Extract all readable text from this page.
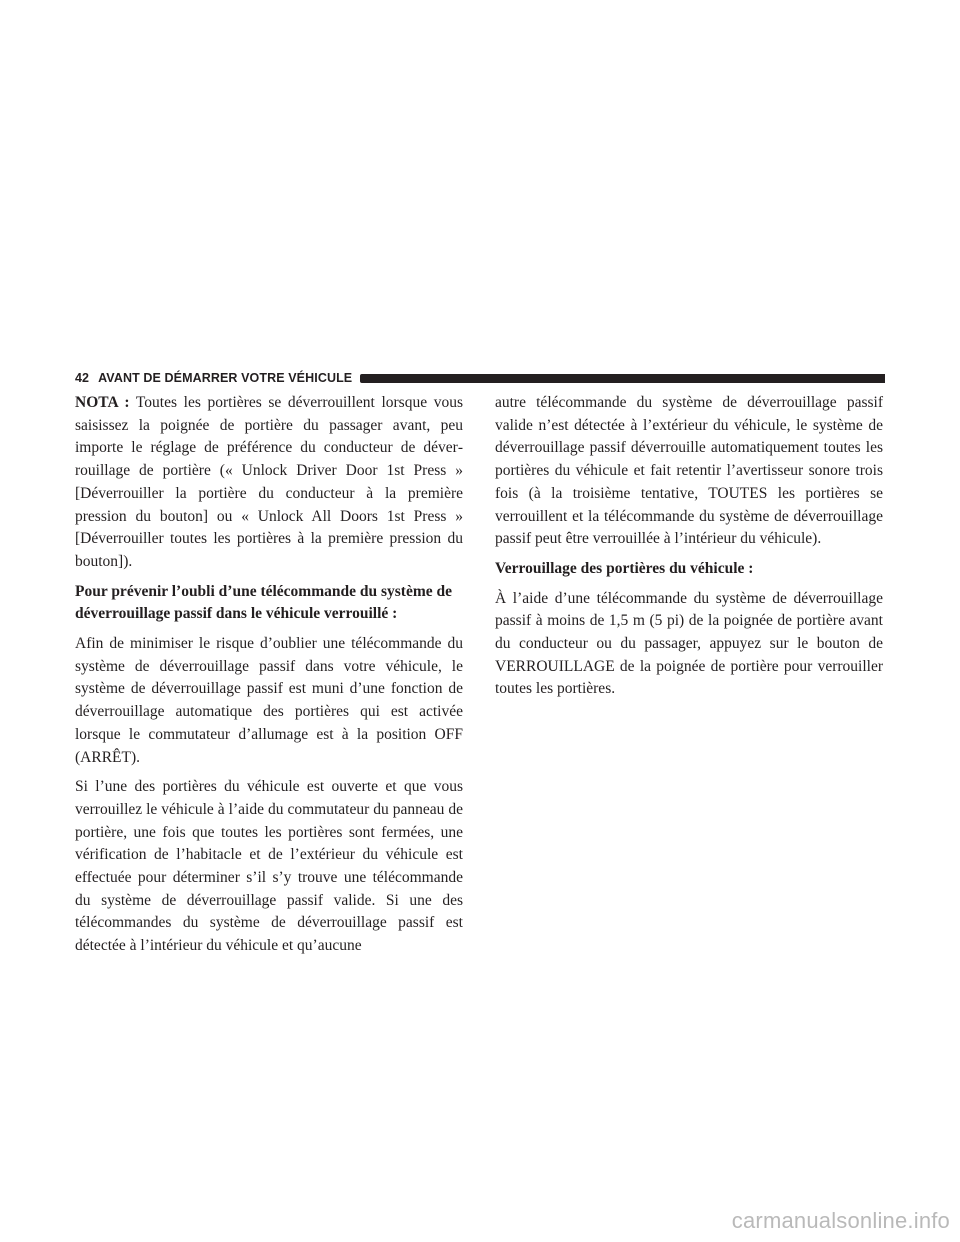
42 AVANT DE DÉMARRER VOTRE VÉHICULE

NOTA : Toutes les portières se déverrouillent lorsque vous saisissez la poignée de portière du passager avant, peu importe le réglage de préférence du conducteur de déverrouillage de portière (« Unlock Driver Door 1st Press » [Déverrouiller la portière du conducteur à la première pression du bouton] ou « Unlock All Doors 1st Press » [Déverrouiller toutes les portières à la première pression du bouton]).

Pour prévenir l’oubli d’une télécommande du système de déverrouillage passif dans le véhicule verrouillé :

Afin de minimiser le risque d’oublier une télécommande du système de déverrouillage passif dans votre véhicule, le système de déverrouillage passif est muni d’une fonction de déverrouillage automatique des portières qui est activée lorsque le commutateur d’allumage est à la position OFF (ARRÊT).

Si l’une des portières du véhicule est ouverte et que vous verrouillez le véhicule à l’aide du commutateur du panneau de portière, une fois que toutes les portières sont fermées, une vérification de l’habitacle et de l’extérieur du véhicule est effectuée pour déterminer s’il s’y trouve une télécommande du système de déverrouillage passif valide. Si une des télécommandes du système de déverrouillage passif est détectée à l’intérieur du véhicule et qu’aucune

autre télécommande du système de déverrouillage passif valide n’est détectée à l’extérieur du véhicule, le système de déverrouillage passif déverrouille automatiquement toutes les portières du véhicule et fait retentir l’avertisseur sonore trois fois (à la troisième tentative, TOUTES les portières se verrouillent et la télécommande du système de déverrouillage passif peut être verrouillée à l’intérieur du véhicule).

Verrouillage des portières du véhicule :

À l’aide d’une télécommande du système de déverrouillage passif à moins de 1,5 m (5 pi) de la poignée de portière avant du conducteur ou du passager, appuyez sur le bouton de VERROUILLAGE de la poignée de portière pour verrouiller toutes les portières.

carmanualsonline.info
